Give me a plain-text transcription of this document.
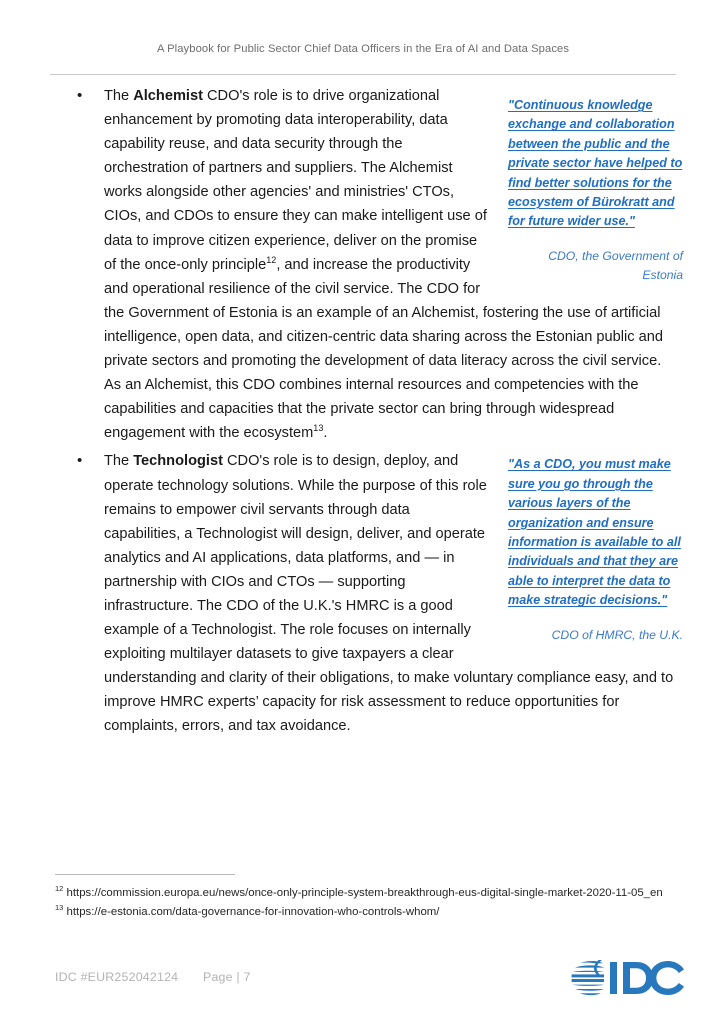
A Playbook for Public Sector Chief Data Officers in the Era of AI and Data Spaces
•
"Continuous knowledge exchange and collaboration between the public and the private sector have helped to find better solutions for the ecosystem of Bürokratt and for future wider use."
CDO, the Government of Estonia
The Alchemist CDO's role is to drive organizational enhancement by promoting data interoperability, data capability reuse, and data security through the orchestration of partners and suppliers. The Alchemist works alongside other agencies' and ministries' CTOs, CIOs, and CDOs to ensure they can make intelligent use of data to improve citizen experience, deliver on the promise of the once-only principle$^{12}$, and increase the productivity and operational resilience of the civil service. The CDO for the Government of Estonia is an example of an Alchemist, fostering the use of artificial intelligence, open data, and citizen-centric data sharing across the Estonian public and private sectors and promoting the development of data literacy across the civil service. As an Alchemist, this CDO combines internal resources and competencies with the capabilities and capacities that the private sector can bring through widespread engagement with the ecosystem$^{13}$.
•	"As a CDO, you must make sure you go through the various layers of the organization and ensure information is available to all individuals and that they are able to interpret the data to make strategic decisions."
CDO of HMRC, the U.K.
The Technologist CDO's role is to design, deploy, and operate technology solutions. While the purpose of this role remains to empower civil servants through data capabilities, a Technologist will design, deliver, and operate analytics and AI applications, data platforms, and — in partnership with CIOs and CTOs — supporting infrastructure. The CDO of the U.K.'s HMRC is a good example of a Technologist. The role focuses on internally exploiting multilayer datasets to give taxpayers a clear understanding and clarity of their obligations, to make voluntary compliance easy, and to improve HMRC experts’ capacity for risk assessment to reduce opportunities for complaints, errors, and tax avoidance.

$^{12}$ https://commission.europa.eu/news/once-only-principle-system-breakthrough-eus-digital-single-market-2020-11-05_en

$^{13}$ https://e-estonia.com/data-governance-for-innovation-who-controls-whom/

IDC #EUR252042124 Page | 7
